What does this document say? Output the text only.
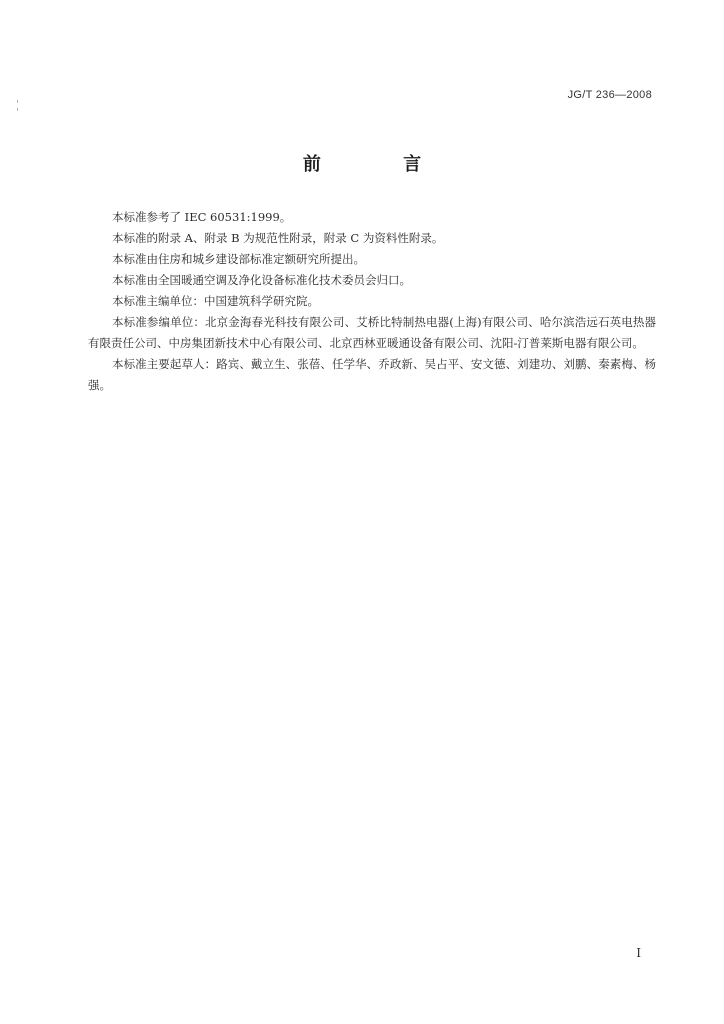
JG/T 236—2008
前 言

本标准参考了 IEC 60531:1999。

本标准的附录 A、附录 B 为规范性附录，附录 C 为资料性附录。

本标准由住房和城乡建设部标准定额研究所提出。

本标准由全国暖通空调及净化设备标准化技术委员会归口。

本标准主编单位：中国建筑科学研究院。

本标准参编单位：北京金海春光科技有限公司、艾桥比特制热电器(上海)有限公司、哈尔滨浩远石英电热器有限责任公司、中房集团新技术中心有限公司、北京西林亚暖通设备有限公司、沈阳-汀普莱斯电器有限公司。

本标准主要起草人：路宾、戴立生、张蓓、任学华、乔政新、吴占平、安文德、刘建功、刘鹏、秦素梅、杨强。

I
